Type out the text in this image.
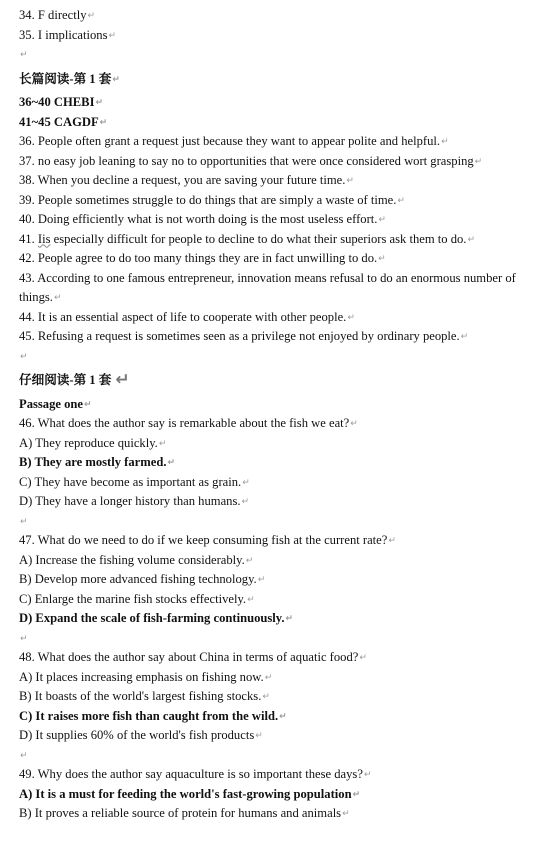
34. F directly↵
35. I implications↵
↵
长篇阅读-第 1 套↵
36~40 CHEBI↵
41~45 CAGDF↵
36. People often grant a request just because they want to appear polite and helpful.↵
37. no easy job leaning to say no to opportunities that were once considered wort grasping↵
38. When you decline a request, you are saving your future time.↵
39. People sometimes struggle to do things that are simply a waste of time.↵
40. Doing efficiently what is not worth doing is the most useless effort.↵
41. Iis especially difficult for people to decline to do what their superiors ask them to do.↵
42. People agree to do too many things they are in fact unwilling to do.↵
43. According to one famous entrepreneur, innovation means refusal to do an enormous number of
things.↵
44. It is an essential aspect of life to cooperate with other people.↵
45. Refusing a request is sometimes seen as a privilege not enjoyed by ordinary people.↵
↵
仔细阅读-第 1 套 ↵
Passage one↵
46. What does the author say is remarkable about the fish we eat?↵
A) They reproduce quickly.↵
B) They are mostly farmed.↵
C) They have become as important as grain.↵
D) They have a longer history than humans.↵
↵
47. What do we need to do if we keep consuming fish at the current rate?↵
A) Increase the fishing volume considerably.↵
B) Develop more advanced fishing technology.↵
C) Enlarge the marine fish stocks effectively.↵
D) Expand the scale of fish-farming continuously.↵
↵
48. What does the author say about China in terms of aquatic food?↵
A) It places increasing emphasis on fishing now.↵
B) It boasts of the world's largest fishing stocks.↵
C) It raises more fish than caught from the wild.↵
D) It supplies 60% of the world's fish products↵
↵
49. Why does the author say aquaculture is so important these days?↵
A) It is a must for feeding the world's fast-growing population↵
B) It proves a reliable source of protein for humans and animals↵
